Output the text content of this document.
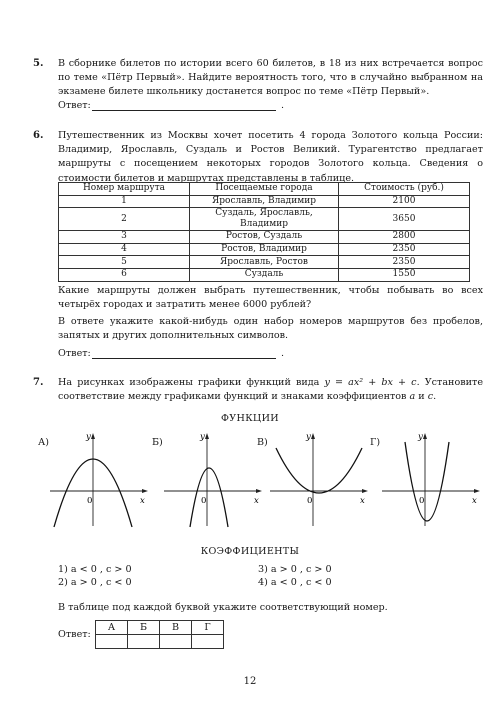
5. В сборнике билетов по истории всего 60 билетов, в 18 из них встречается вопрос по теме «Пётр Первый». Найдите вероятность того, что в случайно выбранном на экзамене билете школьнику достанется вопрос по теме «Пётр Первый».
Ответ:	.
6. Путешественник из Москвы хочет посетить 4 города Золотого кольца России: Владимир, Ярославль, Суздаль и Ростов Великий. Турагентство предлагает маршруты с посещением некоторых городов Золотого кольца. Сведения о стоимости билетов и маршрутах представлены в таблице.
Номер маршрута	Посещаемые города	Стоимость (руб.)
1	Ярославль, Владимир	2100
2	Суздаль, Ярославль, Владимир	3650
3	Ростов, Суздаль	2800
4	Ростов, Владимир	2350
5	Ярославль, Ростов	2350
6	Суздаль	1550
Какие маршруты должен выбрать путешественник, чтобы побывать во всех четырёх городах и затратить менее 6000 рублей?
В ответе укажите какой-нибудь один набор номеров маршрутов без пробелов, запятых и других дополнительных символов.
Ответ:	.
7. На рисунках изображены графики функций вида y = ax² + bx + c. Установите соответствие между графиками функций и знаками коэффициентов a и c.
ФУНКЦИИ
А)	Б)	В)	Г)
y
x
0
y
x
0
y
x
0
y
x
0
КОЭФФИЦИЕНТЫ
1) a < 0 , c > 0	3) a > 0 , c > 0
2) a > 0 , c < 0	4) a < 0 , c < 0
В таблице под каждой буквой укажите соответствующий номер.
Ответ:
А	Б	В	Г

12
